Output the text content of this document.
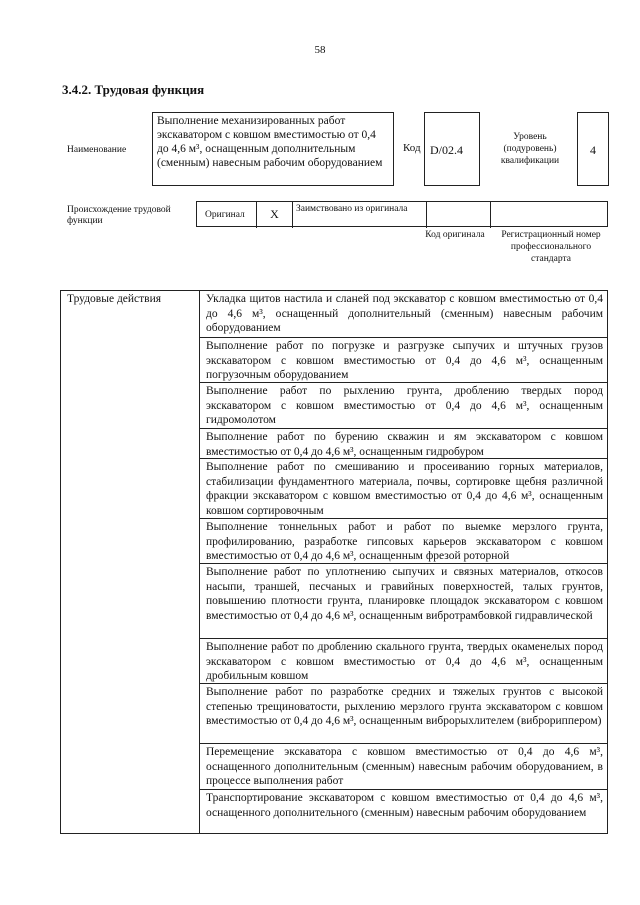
58
3.4.2. Трудовая функция
Наименование
Выполнение механизированных работ экскаватором с ковшом вместимостью от 0,4 до 4,6 м³, оснащенным дополнительным (сменным) навесным рабочим оборудованием
Код D/02.4
Уровень (подуровень) квалификации
4
Происхождение трудовой функции
Оригинал	X	Заимствовано из оригинала
Код оригинала	Регистрационный номер профессионального стандарта
Трудовые действия	Укладка щитов настила и сланей под экскаватор с ковшом вместимостью от 0,4 до 4,6 м³, оснащенный дополнительный (сменным) навесным рабочим оборудованием
Выполнение работ по погрузке и разгрузке сыпучих и штучных грузов экскаватором с ковшом вместимостью от 0,4 до 4,6 м³, оснащенным погрузочным оборудованием
Выполнение работ по рыхлению грунта, дроблению твердых пород экскаватором с ковшом вместимостью от 0,4 до 4,6 м³, оснащенным гидромолотом
Выполнение работ по бурению скважин и ям экскаватором с ковшом вместимостью от 0,4 до 4,6 м³, оснащенным гидробуром
Выполнение работ по смешиванию и просеиванию горных материалов, стабилизации фундаментного материала, почвы, сортировке щебня различной фракции экскаватором с ковшом вместимостью от 0,4 до 4,6 м³, оснащенным ковшом сортировочным
Выполнение тоннельных работ и работ по выемке мерзлого грунта, профилированию, разработке гипсовых карьеров экскаватором с ковшом вместимостью от 0,4 до 4,6 м³, оснащенным фрезой роторной
Выполнение работ по уплотнению сыпучих и связных материалов, откосов насыпи, траншей, песчаных и гравийных поверхностей, талых грунтов, повышению плотности грунта, планировке площадок экскаватором с ковшом вместимостью от 0,4 до 4,6 м³, оснащенным вибротрамбовкой гидравлической
Выполнение работ по дроблению скального грунта, твердых окаменелых пород экскаватором с ковшом вместимостью от 0,4 до 4,6 м³, оснащенным дробильным ковшом
Выполнение работ по разработке средних и тяжелых грунтов с высокой степенью трещиноватости, рыхлению мерзлого грунта экскаватором с ковшом вместимостью от 0,4 до 4,6 м³, оснащенным виброрыхлителем (виброриппером)
Перемещение экскаватора с ковшом вместимостью от 0,4 до 4,6 м³, оснащенного дополнительным (сменным) навесным рабочим оборудованием, в процессе выполнения работ
Транспортирование экскаватором с ковшом вместимостью от 0,4 до 4,6 м³, оснащенного дополнительного (сменным) навесным рабочим оборудованием
